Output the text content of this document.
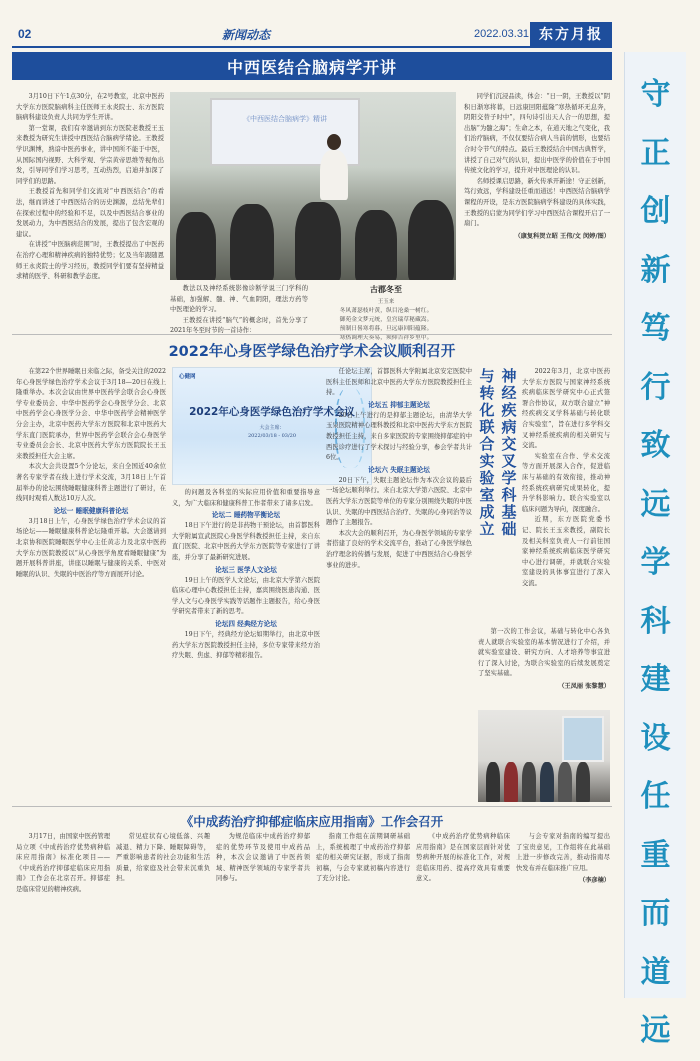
02	新闻动态	2022.03.31 东方月报
中西医结合脑病学开讲

3月10日下午1点30分，在2号教室，北京中医药大学东方医院脑病科主任医师王永炎院士、东方医院脑病科建设负责人共同为学生开讲。

第一堂课，我们有幸邀请到东方医院老教授王玉来教授为研究生讲授中西医结合脑病学绪论。王教授学识渊博，熟谙中医药事业，讲中国所不能于中医，从国际国内视野、大科学观、学宗黄帝思维等视角出发，引导同学们学习思考，互动热烈，启迪并加深了同学们的思路。

王教授首先和同学们交流对“中西医结合”的看法，继而讲述了中西医结合的历史渊源，总结先辈们在探索过程中的经验和不足，以及中西医结合事业的发展动力，为中西医结合的发展，提出了包含宏观的建议。

在讲授“中医脑病范围”时，王教授提出了中医药在治疗心理和精神疾病的独特优势；忆及当年跟随恩师王永炎院士的学习经历，教授同学们要有坚持精益求精的医学、科研和教学态度。

《中西医结合脑病学》精讲

教法以及神经系统影像诊断学说三门学科的基础，加强解、髓、神、气血阴阳，理法方药等中医理论的学习。

王教授在讲授“脑气”的概念时，首先分享了2021年冬至时节的一首诗作：

古郡冬至
王玉来
冬风萧瑟枝叶黄，纵目沧桑一树红。
御苑金文梦元统，皇宫瑞草秘藏嵩。
预制日晷寒将暮，旦远康回阳蕴隆。
寒热调理天奏易，须仰吉祥乡里中。

同学们沉浸品读，体会：“日一阴，王教授以“阴积日渐寒将暮，日远康回阳蕴隆”寒热循环无息奔，阴阳交替子时中”，四句诗引出天人合一的思想，提出脑“为髓之海”；生命之本，在道天地之气变化，我们治疗脑病，不仅仅要结合病人当前的情形，也要结合时令节气的特点。最后王教授结合中国古典哲学，讲授了自己对气的认识，提出中医学的价值在于中国传统文化的学习，提升对中医理论的认识。

名师授课启思路，新火传承开新途！守正创新，笃行致远，学科建设任重而道远！中西医结合脑病学课程的开设，是东方医院脑病学科建设的具体实践，王教授的启蒙为同学们学习中西医结合课程开启了一扇门。

（康复科贺立昭 王伟/文 闵婷/图）
2022年心身医学绿色治疗学术会议顺利召开

在第22个世界睡眠日来临之际，备受关注的2022年心身医学绿色治疗学术会议于3月18—20日在线上隆重举办。本次会议由世界中医药学会联合会心身医学专业委员会、中华中医药学会心身医学分会、北京中医药学会心身医学分会、中华中医药学会精神医学分会主办，北京中医药大学东方医院和北京中医药大学东直门医院承办，世界中医药学会联合会心身医学专业委员会会长、北京中医药大学东方医院院长王玉来教授担任大会主席。

本次大会共设置5个分论坛，来自全国近40余位著名专家学者在线上进行学术交流，3月18日上午首届举办的论坛围绕睡眠健康科普主题进行了研讨，在线同时观看人数达10万人次。

论坛一 睡眠健康科普论坛

3月18日上午，心身医学绿色治疗学术会议的首场论坛——睡眠健康科普论坛隆重开幕。大会邀请到北京协和医院睡眠医学中心主任黄志力及北京中医药大学东方医院教授以“从心身医学角度看睡眠健康”为题开展科普讲座，讲座以睡眠与健康的关系、中医对睡眠的认识、失眠的中医治疗等方面展开讨论。

心健网
2022年心身医学绿色治疗学术会议
大会主席：
2022/03/18 - 03/20

的问题及各科室的实际应用价值和重要指导意义，为广大临床和健康科普工作者带来了诸多启发。

论坛二 睡药物平衡论坛

18日下午进行的是非药物干预论坛，由首都医科大学附属宣武医院心身医学科教授担任主持，来自东直门医院、北京中医药大学东方医院等专家进行了讲座，并分享了最新研究进展。

论坛三 医学人文论坛

19日上午的医学人文论坛，由北京大学第六医院临床心理中心教授担任主持，嘉宾围绕医患沟通、医学人文与心身医学实践等话题作主题报告，给心身医学研究者带来了新的思考。

论坛四 经典经方论坛

19日下午，经典经方论坛如期举行，由北京中医药大学东方医院教授担任主持，多位专家带来经方治疗失眠、焦虑、抑郁等精彩报告。

任论坛主席，首都医科大学附属北京安定医院中医科主任医师和北京中医药大学东方医院教授担任主持。

论坛五 抑郁主题论坛

20日上午进行的是抑郁主题论坛，由清华大学玉泉医院精神心理科教授和北京中医药大学东方医院教授担任主持，来自多家医院的专家围绕抑郁症的中西医诊疗进行了学术探讨与经验分享，参会学者共计6位。

论坛六 失眠主题论坛

20日下午，失眠主题论坛作为本次会议的最后一场论坛顺利举行。来自北京大学第六医院、北京中医药大学东方医院等单位的专家分别围绕失眠的中医认识、失眠的中西医结合治疗、失眠的心身同治等议题作了主题报告。

本次大会的顺利召开，为心身医学领域的专家学者搭建了良好的学术交流平台，推动了心身医学绿色治疗理念的传播与发展，促进了中西医结合心身医学事业的进步。

神经疾病交叉学科基础
与转化联合实验室成立

2022年3月，北京中医药大学东方医院与国家神经系统疾病临床医学研究中心正式签署合作协议，双方联合建立“神经疾病交叉学科基础与转化联合实验室”，旨在进行多学科交叉神经系统疾病的相关研究与交流。

实验室在合作、学术交流等方面开展深入合作，促进临床与基础的有效衔接，推动神经系统疾病研究成果转化，提升学科影响力。联合实验室以临床问题为导向，深度融合。

近期，东方医院党委书记、院长王玉来教授，副院长及相关科室负责人一行前往国家神经系统疾病临床医学研究中心进行调研，并就联合实验室建设的具体事宜进行了深入交流。

第一次的工作会议，基础与转化中心各负责人就联合实验室的基本情况进行了介绍，并就实验室建设、研究方向、人才培养等事宜进行了深入讨论，为联合实验室的后续发展奠定了坚实基础。

（王凤丽 张黎慧）
《中成药治疗抑郁症临床应用指南》工作会召开

3月17日，由国家中医药管理局立项《中成药治疗优势病种临床应用指南》标准化项目——《中成药治疗抑郁症临床应用指南》工作会在北京召开。抑郁症是临床常见的精神疾病。

常见症状有心境低落、兴趣减退、精力下降、睡眠障碍等，严重影响患者的社会功能和生活质量，给家庭及社会带来沉重负担。

为规范临床中成药治疗抑郁症的优势环节及使用中成药品种，本次会议邀请了中医药领域、精神医学领域的专家学者共同参与。

指南工作组在前期调研基础上，系统梳理了中成药治疗抑郁症的相关研究证据，形成了指南初稿，与会专家就初稿内容进行了充分讨论。

《中成药治疗优势病种临床应用指南》是在国家层面针对优势病种开展的标准化工作，对规范临床用药、提高疗效具有重要意义。

与会专家对指南的编写提出了宝贵意见，工作组将在此基础上进一步修改完善，推动指南尽快发布并在临床推广应用。

（李彦楠）
守
正
创
新
笃
行
致
远
学
科
建
设
任
重
而
道
远
